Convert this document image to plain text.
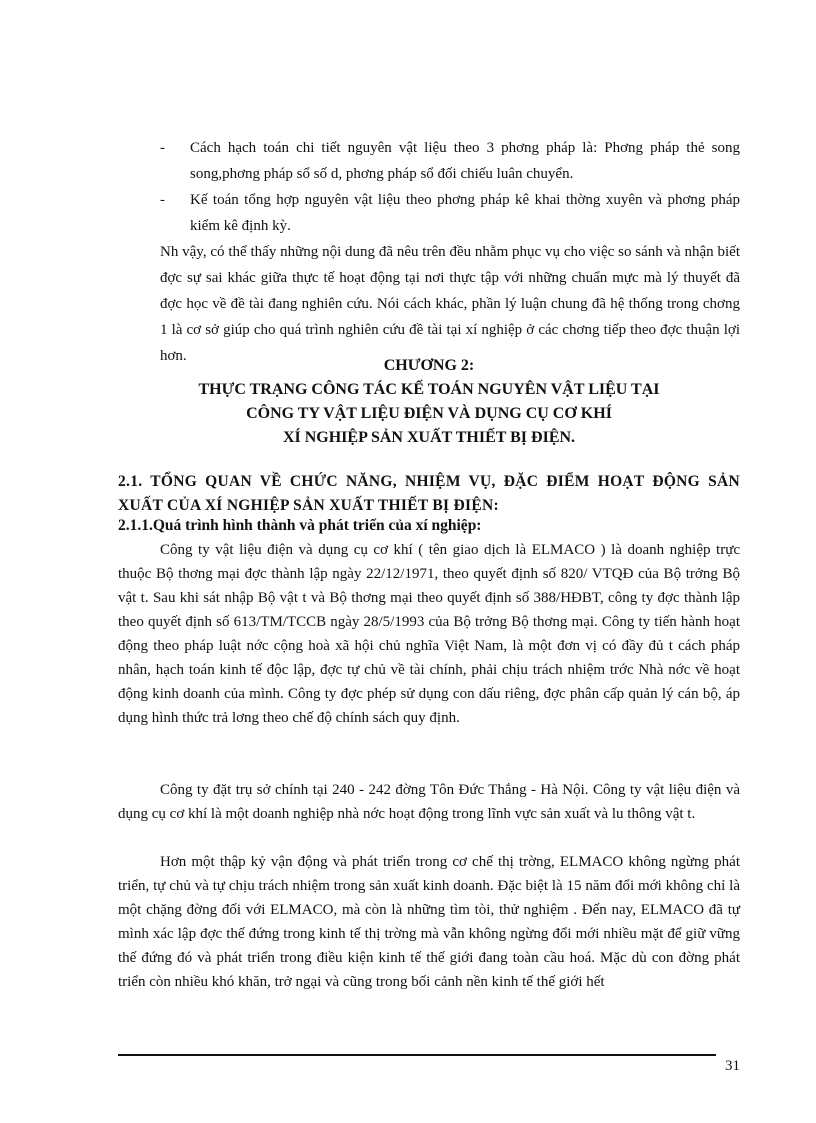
-	Cách hạch toán chi tiết nguyên vật liệu theo 3 phơng pháp là: Phơng pháp thẻ song song,phơng pháp sổ số d, phơng pháp sổ đối chiếu luân chuyển.
-	Kế toán tổng hợp nguyên vật liệu theo phơng pháp kê khai thờng xuyên và phơng pháp kiểm kê định kỳ.

Nh vậy, có thể thấy những nội dung đã nêu trên đều nhằm phục vụ cho việc so sánh và nhận biết đợc sự sai khác giữa thực tế hoạt động tại nơi thực tập với những chuẩn mực mà lý thuyết đã đợc học về đề tài đang nghiên cứu. Nói cách khác, phần lý luận chung đã hệ thống trong chơng 1 là cơ sở giúp cho quá trình nghiên cứu đề tài tại xí nghiệp ở các chơng tiếp theo đợc thuận lợi hơn.

CHƯƠNG 2:

THỰC TRẠNG CÔNG TÁC KẾ TOÁN NGUYÊN VẬT LIỆU TẠI

CÔNG TY VẬT LIỆU ĐIỆN VÀ DỤNG CỤ CƠ KHÍ

XÍ NGHIỆP SẢN XUẤT THIẾT BỊ ĐIỆN.

2.1. TỔNG QUAN VỀ CHỨC NĂNG, NHIỆM VỤ, ĐẶC ĐIỂM HOẠT ĐỘNG SẢN XUẤT CỦA XÍ NGHIỆP SẢN XUẤT THIẾT BỊ ĐIỆN:

2.1.1.Quá trình hình thành và phát triển của xí nghiệp:

Công ty vật liệu điện và dụng cụ cơ khí ( tên giao dịch là ELMACO ) là doanh nghiệp trực thuộc Bộ thơng mại đợc thành lập ngày 22/12/1971, theo quyết định số 820/ VTQĐ của Bộ trởng Bộ vật t. Sau khi sát nhập Bộ vật t và Bộ thơng mại theo quyết định số 388/HĐBT, công ty đợc thành lập theo quyết định số 613/TM/TCCB ngày 28/5/1993 của Bộ trởng Bộ thơng mại. Công ty tiến hành hoạt động theo pháp luật nớc cộng hoà xã hội chủ nghĩa Việt Nam, là một đơn vị có đầy đủ t cách pháp nhân, hạch toán kinh tế độc lập, đợc tự chủ về tài chính, phải chịu trách nhiệm trớc Nhà nớc về hoạt động kinh doanh của mình. Công ty đợc phép sử dụng con dấu riêng, đợc phân cấp quản lý cán bộ, áp dụng hình thức trả lơng theo chế độ chính sách quy định.

Công ty đặt trụ sở chính tại 240 - 242 đờng Tôn Đức Thắng - Hà Nội. Công ty vật liệu điện và dụng cụ cơ khí là một doanh nghiệp nhà nớc hoạt động trong lĩnh vực sản xuất và lu thông vật t.

Hơn một thập kỷ vận động và phát triển trong cơ chế thị trờng, ELMACO không ngừng phát triển, tự chủ và tự chịu trách nhiệm trong sản xuất kinh doanh. Đặc biệt là 15 năm đổi mới không chỉ là một chặng đờng đối với ELMACO, mà còn là những tìm tòi, thử nghiệm . Đến nay, ELMACO đã tự mình xác lập đợc thế đứng trong kinh tế thị trờng mà vẫn không ngừng đổi mới nhiều mặt để giữ vững thế đứng đó và phát triển trong điều kiện kinh tế thế giới đang toàn cầu hoá. Mặc dù con đờng phát triển còn nhiều khó khăn, trở ngại và cũng trong bối cảnh nền kinh tế thế giới hết

31
